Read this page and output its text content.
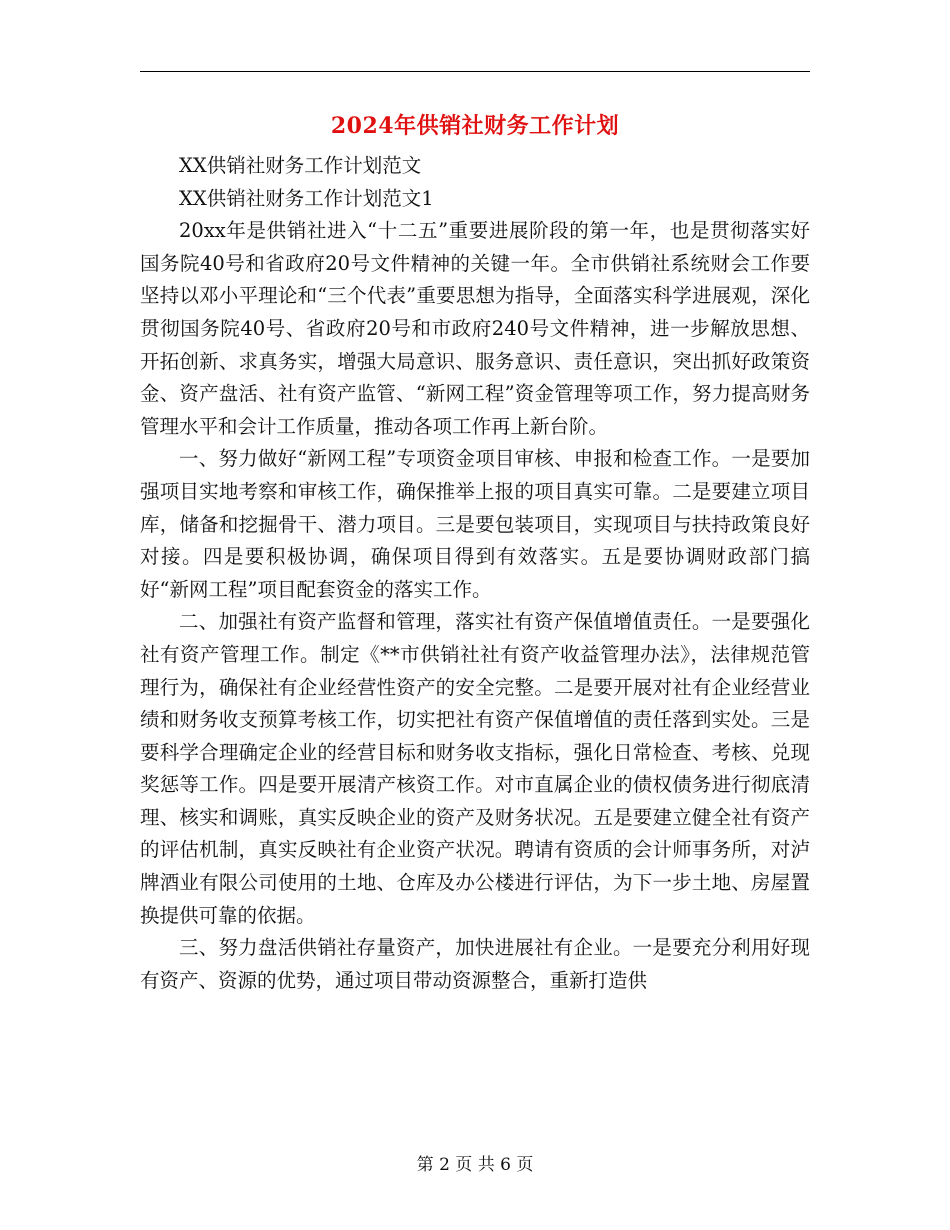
2024年供销社财务工作计划

XX供销社财务工作计划范文

XX供销社财务工作计划范文1

20xx年是供销社进入“十二五”重要进展阶段的第一年，也是贯彻落实好国务院40号和省政府20号文件精神的关键一年。全市供销社系统财会工作要坚持以邓小平理论和“三个代表”重要思想为指导，全面落实科学进展观，深化贯彻国务院40号、省政府20号和市政府240号文件精神，进一步解放思想、开拓创新、求真务实，增强大局意识、服务意识、责任意识，突出抓好政策资金、资产盘活、社有资产监管、“新网工程”资金管理等项工作，努力提高财务管理水平和会计工作质量，推动各项工作再上新台阶。

一、努力做好“新网工程”专项资金项目审核、申报和检查工作。一是要加强项目实地考察和审核工作，确保推举上报的项目真实可靠。二是要建立项目库，储备和挖掘骨干、潜力项目。三是要包装项目，实现项目与扶持政策良好对接。四是要积极协调，确保项目得到有效落实。五是要协调财政部门搞好“新网工程”项目配套资金的落实工作。

二、加强社有资产监督和管理，落实社有资产保值增值责任。一是要强化社有资产管理工作。制定《**市供销社社有资产收益管理办法》，法律规范管理行为，确保社有企业经营性资产的安全完整。二是要开展对社有企业经营业绩和财务收支预算考核工作，切实把社有资产保值增值的责任落到实处。三是要科学合理确定企业的经营目标和财务收支指标，强化日常检查、考核、兑现奖惩等工作。四是要开展清产核资工作。对市直属企业的债权债务进行彻底清理、核实和调账，真实反映企业的资产及财务状况。五是要建立健全社有资产的评估机制，真实反映社有企业资产状况。聘请有资质的会计师事务所，对泸牌酒业有限公司使用的土地、仓库及办公楼进行评估，为下一步土地、房屋置换提供可靠的依据。

三、努力盘活供销社存量资产，加快进展社有企业。一是要充分利用好现有资产、资源的优势，通过项目带动资源整合，重新打造供

第 2 页 共 6 页
